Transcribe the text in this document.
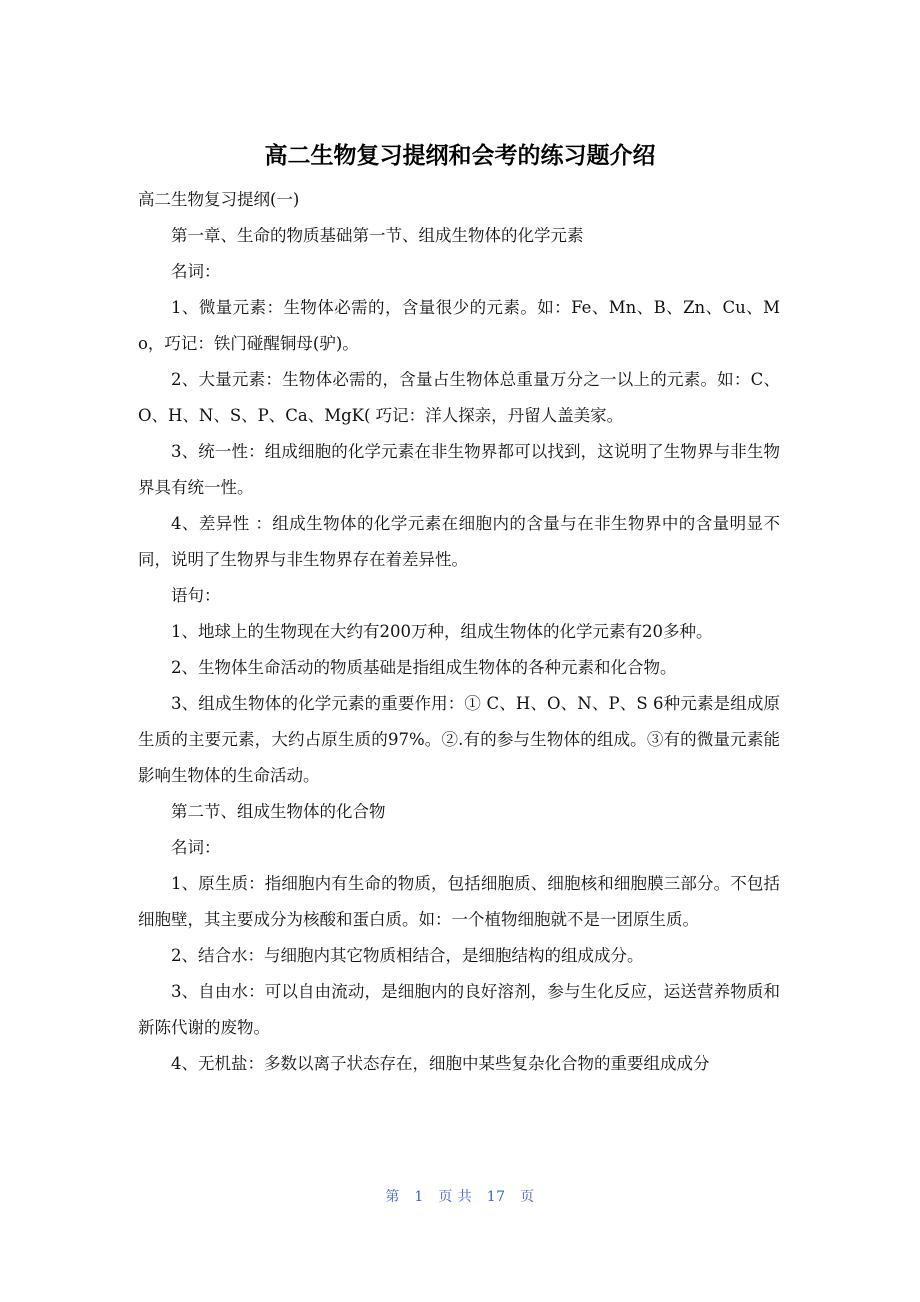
高二生物复习提纲和会考的练习题介绍

高二生物复习提纲(一)

第一章、生命的物质基础第一节、组成生物体的化学元素

名词：

1、微量元素：生物体必需的，含量很少的元素。如：Fe、Mn、B、Zn、Cu、Mo，巧记：铁门碰醒铜母(驴)。

2、大量元素：生物体必需的，含量占生物体总重量万分之一以上的元素。如：C、 O、H、N、S、P、Ca、MgK( 巧记：洋人探亲，丹留人盖美家。

3、统一性：组成细胞的化学元素在非生物界都可以找到，这说明了生物界与非生物界具有统一性。

4、差异性 ：组成生物体的化学元素在细胞内的含量与在非生物界中的含量明显不同，说明了生物界与非生物界存在着差异性。

语句：

1、地球上的生物现在大约有200万种，组成生物体的化学元素有20多种。

2、生物体生命活动的物质基础是指组成生物体的各种元素和化合物。

3、组成生物体的化学元素的重要作用：① C、H、O、N、P、S 6种元素是组成原生质的主要元素，大约占原生质的97%。②.有的参与生物体的组成。③有的微量元素能影响生物体的生命活动。

第二节、组成生物体的化合物

名词：

1、原生质：指细胞内有生命的物质，包括细胞质、细胞核和细胞膜三部分。不包括细胞壁，其主要成分为核酸和蛋白质。如：一个植物细胞就不是一团原生质。

2、结合水：与细胞内其它物质相结合，是细胞结构的组成成分。

3、自由水：可以自由流动，是细胞内的良好溶剂，参与生化反应，运送营养物质和新陈代谢的废物。

4、无机盐：多数以离子状态存在，细胞中某些复杂化合物的重要组成成分

第　1　页 共　17　页
